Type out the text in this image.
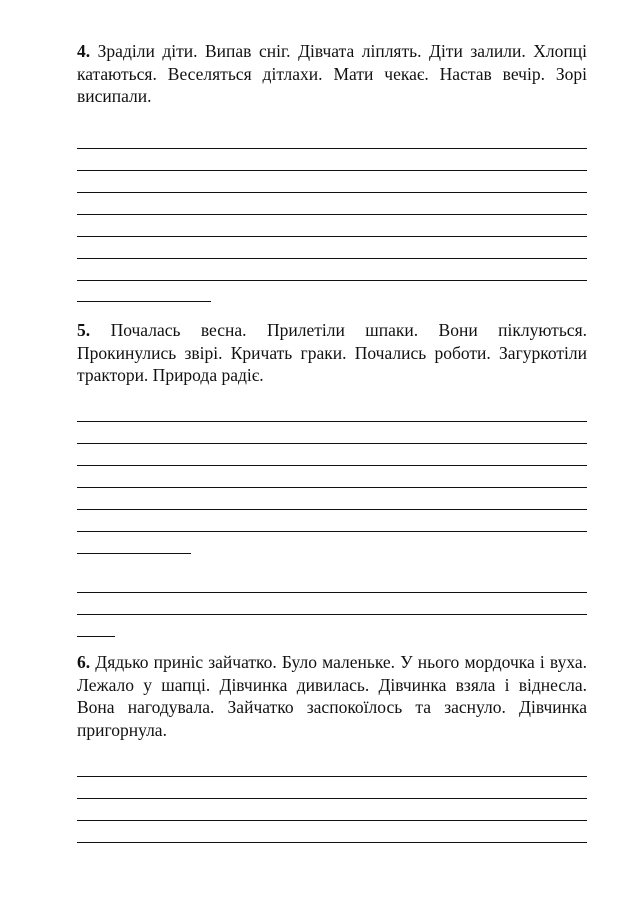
4. Зраділи діти. Випав сніг. Дівчата ліплять. Діти залили. Хлопці катаються. Веселяться дітлахи. Мати чекає. Настав вечір. Зорі висипали.

5. Почалась весна. Прилетіли шпаки. Вони піклуються. Прокинулись звірі. Кричать граки. Почались роботи. Загуркотіли трактори. Природа радіє.

6. Дядько приніс зайчатко. Було маленьке. У нього мордочка і вуха. Лежало у шапці. Дівчинка дивилась. Дівчинка взяла і віднесла. Вона нагодувала. Зайчатко заспокоїлось та заснуло. Дівчинка пригорнула.
